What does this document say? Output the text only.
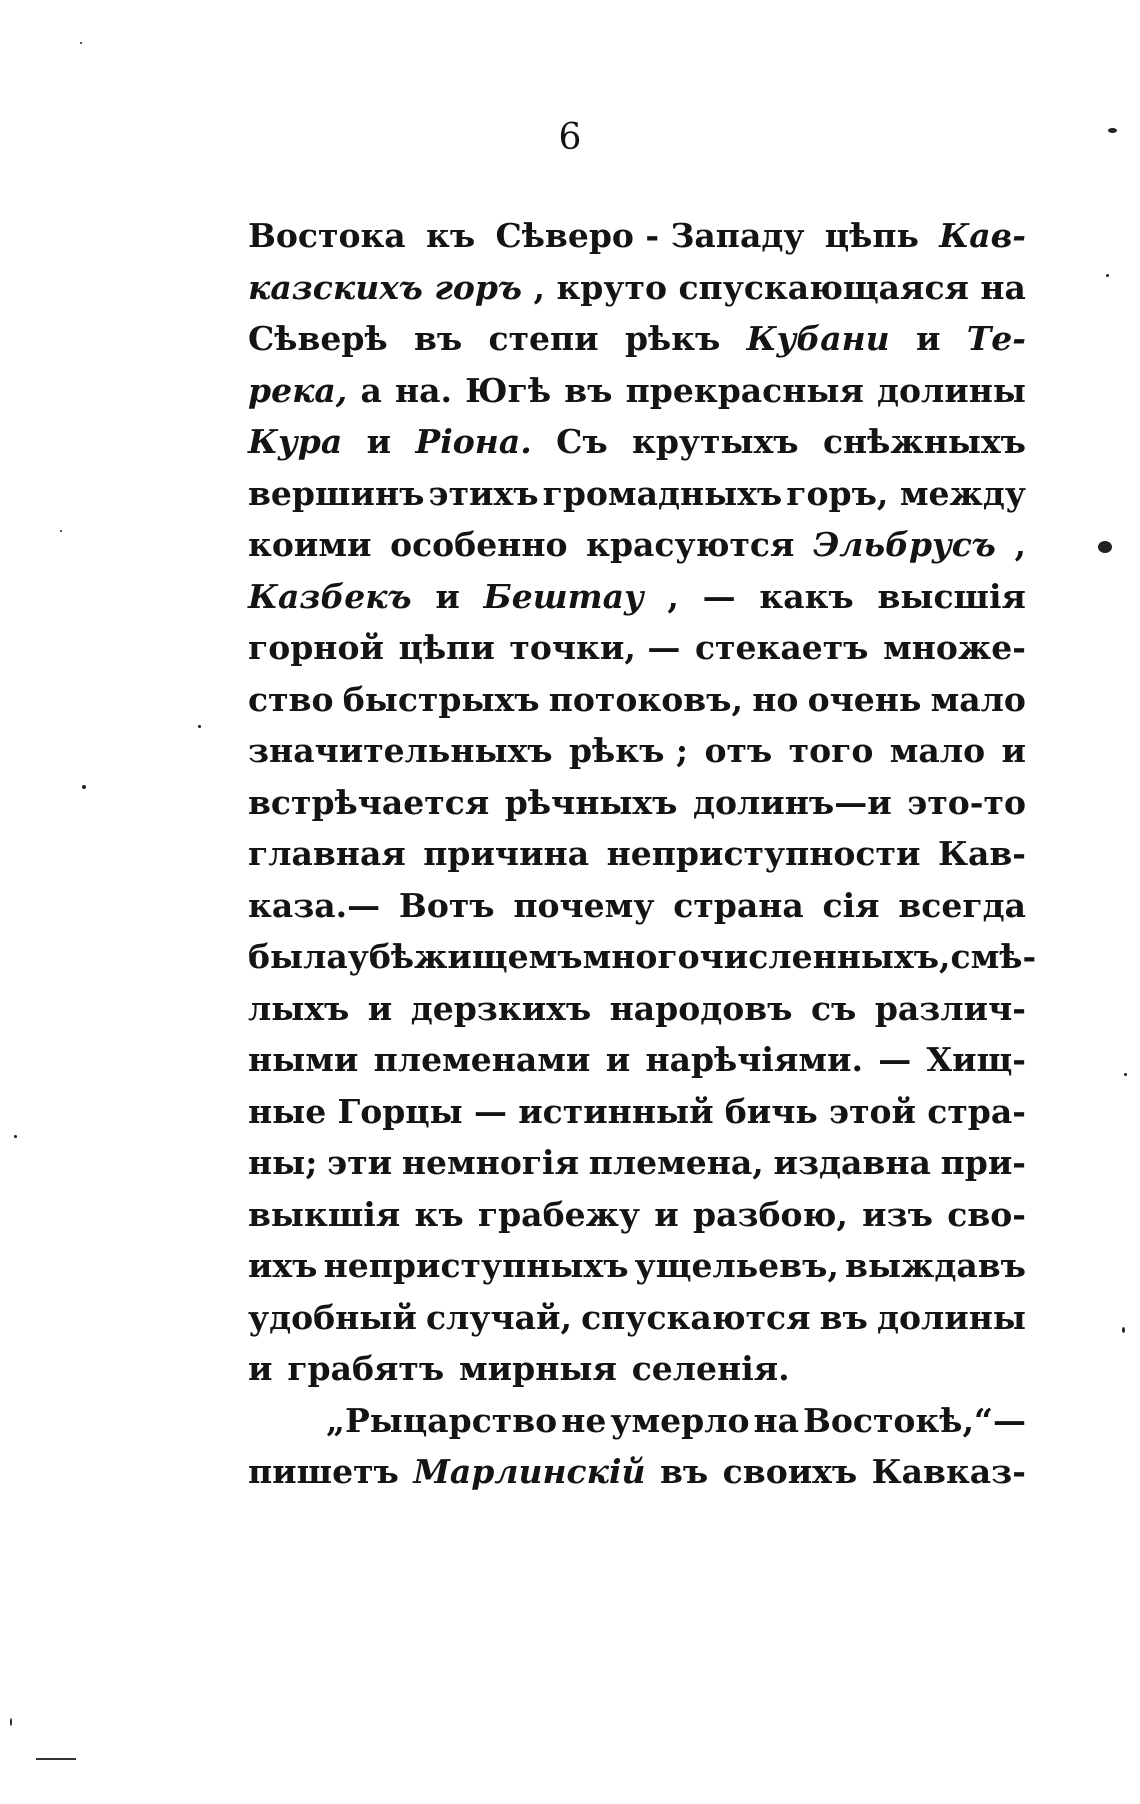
6
Востока къ Сѣверо - Западу цѣпь Кав-
казскихъ горъ , круто спускающаяся на
Сѣверѣ въ степи рѣкъ Кубани и Те-
река, а на. Югѣ въ прекрасныя долины
Кура и Ріона. Съ крутыхъ снѣжныхъ
вершинъ этихъ громадныхъ горъ, между
коими особенно красуются Эльбрусъ ,
Казбекъ и Бештау , — какъ высшія
горной цѣпи точки, — стекаетъ множе-
ство быстрыхъ потоковъ, но очень мало
значительныхъ рѣкъ ; отъ того мало и
встрѣчается рѣчныхъ долинъ—и это-то
главная причина неприступности Кав-
каза.— Вотъ почему страна сія всегда
была убѣжищемъ многочисленныхъ, смѣ-
лыхъ и дерзкихъ народовъ съ различ-
ными племенами и нарѣчіями. — Хищ-
ные Горцы — истинный бичь этой стра-
ны; эти немногія племена, издавна при-
выкшія къ грабежу и разбою, изъ сво-
ихъ неприступныхъ ущельевъ, выждавъ
удобный случай, спускаются въ долины
и грабятъ мирныя селенія.
„Рыцарство не умерло на Востокѣ,“—
пишетъ Марлинскій въ своихъ Кавказ-
